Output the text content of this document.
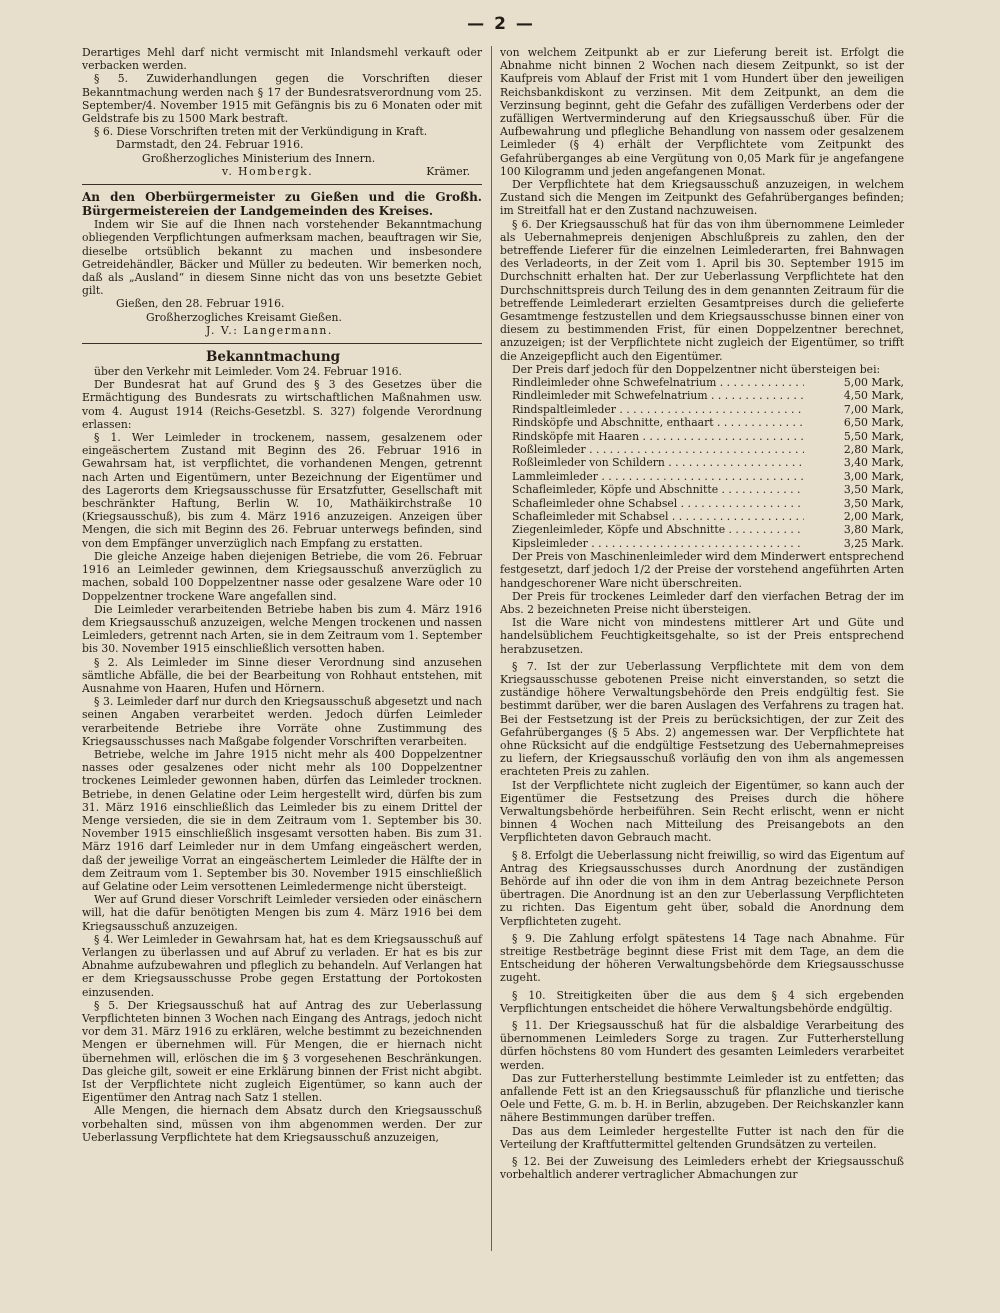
— 2 —

Derartiges Mehl darf nicht vermischt mit Inlandsmehl verkauft oder verbacken werden.

§ 5. Zuwiderhandlungen gegen die Vorschriften dieser Bekanntmachung werden nach § 17 der Bundesratsverordnung vom 25. September/4. November 1915 mit Gefängnis bis zu 6 Monaten oder mit Geldstrafe bis zu 1500 Mark bestraft.

§ 6. Diese Vorschriften treten mit der Verkündigung in Kraft.

Darmstadt, den 24. Februar 1916.

Großherzogliches Ministerium des Innern.

v. Hombergk.	Krämer.
An den Oberbürgermeister zu Gießen und die Großh. Bürgermeistereien der Landgemeinden des Kreises.

Indem wir Sie auf die Ihnen nach vorstehender Bekanntmachung obliegenden Verpflichtungen aufmerksam machen, beauftragen wir Sie, dieselbe ortsüblich bekannt zu machen und insbesondere Getreidehändler, Bäcker und Müller zu bedeuten. Wir bemerken noch, daß als „Ausland“ in diesem Sinne nicht das von uns besetzte Gebiet gilt.

Gießen, den 28. Februar 1916.

Großherzogliches Kreisamt Gießen.

J. V.: Langermann.

Bekanntmachung

über den Verkehr mit Leimleder. Vom 24. Februar 1916.

Der Bundesrat hat auf Grund des § 3 des Gesetzes über die Ermächtigung des Bundesrats zu wirtschaftlichen Maßnahmen usw. vom 4. August 1914 (Reichs-Gesetzbl. S. 327) folgende Verordnung erlassen:

§ 1. Wer Leimleder in trockenem, nassem, gesalzenem oder eingeäschertem Zustand mit Beginn des 26. Februar 1916 in Gewahrsam hat, ist verpflichtet, die vorhandenen Mengen, getrennt nach Arten und Eigentümern, unter Bezeichnung der Eigentümer und des Lagerorts dem Kriegsausschusse für Ersatzfutter, Gesellschaft mit beschränkter Haftung, Berlin W. 10, Mathäikirchstraße 10 (Kriegsausschuß), bis zum 4. März 1916 anzuzeigen. Anzeigen über Mengen, die sich mit Beginn des 26. Februar unterwegs befinden, sind von dem Empfänger unverzüglich nach Empfang zu erstatten.

Die gleiche Anzeige haben diejenigen Betriebe, die vom 26. Februar 1916 an Leimleder gewinnen, dem Kriegsausschuß anverzüglich zu machen, sobald 100 Doppelzentner nasse oder gesalzene Ware oder 10 Doppelzentner trockene Ware angefallen sind.

Die Leimleder verarbeitenden Betriebe haben bis zum 4. März 1916 dem Kriegsausschuß anzuzeigen, welche Mengen trockenen und nassen Leimleders, getrennt nach Arten, sie in dem Zeitraum vom 1. September bis 30. November 1915 einschließlich versotten haben.

§ 2. Als Leimleder im Sinne dieser Verordnung sind anzusehen sämtliche Abfälle, die bei der Bearbeitung von Rohhaut entstehen, mit Ausnahme von Haaren, Hufen und Hörnern.

§ 3. Leimleder darf nur durch den Kriegsausschuß abgesetzt und nach seinen Angaben verarbeitet werden. Jedoch dürfen Leimleder verarbeitende Betriebe ihre Vorräte ohne Zustimmung des Kriegsausschusses nach Maßgabe folgender Vorschriften verarbeiten.

Betriebe, welche im Jahre 1915 nicht mehr als 400 Doppelzentner nasses oder gesalzenes oder nicht mehr als 100 Doppelzentner trockenes Leimleder gewonnen haben, dürfen das Leimleder trocknen. Betriebe, in denen Gelatine oder Leim hergestellt wird, dürfen bis zum 31. März 1916 einschließlich das Leimleder bis zu einem Drittel der Menge versieden, die sie in dem Zeitraum vom 1. September bis 30. November 1915 einschließlich insgesamt versotten haben. Bis zum 31. März 1916 darf Leimleder nur in dem Umfang eingeäschert werden, daß der jeweilige Vorrat an eingeäschertem Leimleder die Hälfte der in dem Zeitraum vom 1. September bis 30. November 1915 einschließlich auf Gelatine oder Leim versottenen Leimledermenge nicht übersteigt.

Wer auf Grund dieser Vorschrift Leimleder versieden oder einäschern will, hat die dafür benötigten Mengen bis zum 4. März 1916 bei dem Kriegsausschuß anzuzeigen.

§ 4. Wer Leimleder in Gewahrsam hat, hat es dem Kriegsausschuß auf Verlangen zu überlassen und auf Abruf zu verladen. Er hat es bis zur Abnahme aufzubewahren und pfleglich zu behandeln. Auf Verlangen hat er dem Kriegsausschusse Probe gegen Erstattung der Portokosten einzusenden.

§ 5. Der Kriegsausschuß hat auf Antrag des zur Ueberlassung Verpflichteten binnen 3 Wochen nach Eingang des Antrags, jedoch nicht vor dem 31. März 1916 zu erklären, welche bestimmt zu bezeichnenden Mengen er übernehmen will. Für Mengen, die er hiernach nicht übernehmen will, erlöschen die im § 3 vorgesehenen Beschränkungen. Das gleiche gilt, soweit er eine Erklärung binnen der Frist nicht abgibt. Ist der Verpflichtete nicht zugleich Eigentümer, so kann auch der Eigentümer den Antrag nach Satz 1 stellen.

Alle Mengen, die hiernach dem Absatz durch den Kriegsausschuß vorbehalten sind, müssen von ihm abgenommen werden. Der zur Ueberlassung Verpflichtete hat dem Kriegsausschuß anzuzeigen,

von welchem Zeitpunkt ab er zur Lieferung bereit ist. Erfolgt die Abnahme nicht binnen 2 Wochen nach diesem Zeitpunkt, so ist der Kaufpreis vom Ablauf der Frist mit 1 vom Hundert über den jeweiligen Reichsbankdiskont zu verzinsen. Mit dem Zeitpunkt, an dem die Verzinsung beginnt, geht die Gefahr des zufälligen Verderbens oder der zufälligen Wertverminderung auf den Kriegsausschuß über. Für die Aufbewahrung und pflegliche Behandlung von nassem oder gesalzenem Leimleder (§ 4) erhält der Verpflichtete vom Zeitpunkt des Gefahrüberganges ab eine Vergütung von 0,05 Mark für je angefangene 100 Kilogramm und jeden angefangenen Monat.

Der Verpflichtete hat dem Kriegsausschuß anzuzeigen, in welchem Zustand sich die Mengen im Zeitpunkt des Gefahrüberganges befinden; im Streitfall hat er den Zustand nachzuweisen.

§ 6. Der Kriegsausschuß hat für das von ihm übernommene Leimleder als Uebernahmepreis denjenigen Abschlußpreis zu zahlen, den der betreffende Lieferer für die einzelnen Leimlederarten, frei Bahnwagen des Verladeorts, in der Zeit vom 1. April bis 30. September 1915 im Durchschnitt erhalten hat. Der zur Ueberlassung Verpflichtete hat den Durchschnittspreis durch Teilung des in dem genannten Zeitraum für die betreffende Leimlederart erzielten Gesamtpreises durch die gelieferte Gesamtmenge festzustellen und dem Kriegsausschusse binnen einer von diesem zu bestimmenden Frist, für einen Doppelzentner berechnet, anzuzeigen; ist der Verpflichtete nicht zugleich der Eigentümer, so trifft die Anzeigepflicht auch den Eigentümer.

Der Preis darf jedoch für den Doppelzentner nicht übersteigen bei:

Rindleimleder ohne Schwefelnatrium . . .	5,00 Mark,
Rindleimleder mit Schwefelnatrium . . .	4,50 Mark,
Rindspaltleimleder . . .	7,00 Mark,
Rindsköpfe und Abschnitte, enthaart . . .	6,50 Mark,
Rindsköpfe mit Haaren . . .	5,50 Mark,
Roßleimleder . . .	2,80 Mark,
Roßleimleder von Schildern . . .	3,40 Mark,
Lammleimleder . . .	3,00 Mark,
Schafleimleder, Köpfe und Abschnitte . . .	3,50 Mark,
Schafleimleder ohne Schabsel . . .	3,50 Mark,
Schafleimleder mit Schabsel . . .	2,00 Mark,
Ziegenleimleder, Köpfe und Abschnitte . . .	3,80 Mark,
Kipsleimleder . . .	3,25 Mark.

Der Preis von Maschinenleimleder wird dem Minderwert entsprechend festgesetzt, darf jedoch 1/2 der Preise der vorstehend angeführten Arten handgeschorener Ware nicht überschreiten.

Der Preis für trockenes Leimleder darf den vierfachen Betrag der im Abs. 2 bezeichneten Preise nicht übersteigen.

Ist die Ware nicht von mindestens mittlerer Art und Güte und handelsüblichem Feuchtigkeitsgehalte, so ist der Preis entsprechend herabzusetzen.

§ 7. Ist der zur Ueberlassung Verpflichtete mit dem von dem Kriegsausschusse gebotenen Preise nicht einverstanden, so setzt die zuständige höhere Verwaltungsbehörde den Preis endgültig fest. Sie bestimmt darüber, wer die baren Auslagen des Verfahrens zu tragen hat. Bei der Festsetzung ist der Preis zu berücksichtigen, der zur Zeit des Gefahrüberganges (§ 5 Abs. 2) angemessen war. Der Verpflichtete hat ohne Rücksicht auf die endgültige Festsetzung des Uebernahmepreises zu liefern, der Kriegsausschuß vorläufig den von ihm als angemessen erachteten Preis zu zahlen.

Ist der Verpflichtete nicht zugleich der Eigentümer, so kann auch der Eigentümer die Festsetzung des Preises durch die höhere Verwaltungsbehörde herbeiführen. Sein Recht erlischt, wenn er nicht binnen 4 Wochen nach Mitteilung des Preisangebots an den Verpflichteten davon Gebrauch macht.

§ 8. Erfolgt die Ueberlassung nicht freiwillig, so wird das Eigentum auf Antrag des Kriegsausschusses durch Anordnung der zuständigen Behörde auf ihn oder die von ihm in dem Antrag bezeichnete Person übertragen. Die Anordnung ist an den zur Ueberlassung Verpflichteten zu richten. Das Eigentum geht über, sobald die Anordnung dem Verpflichteten zugeht.

§ 9. Die Zahlung erfolgt spätestens 14 Tage nach Abnahme. Für streitige Restbeträge beginnt diese Frist mit dem Tage, an dem die Entscheidung der höheren Verwaltungsbehörde dem Kriegsausschusse zugeht.

§ 10. Streitigkeiten über die aus dem § 4 sich ergebenden Verpflichtungen entscheidet die höhere Verwaltungsbehörde endgültig.

§ 11. Der Kriegsausschuß hat für die alsbaldige Verarbeitung des übernommenen Leimleders Sorge zu tragen. Zur Futterherstellung dürfen höchstens 80 vom Hundert des gesamten Leimleders verarbeitet werden.

Das zur Futterherstellung bestimmte Leimleder ist zu entfetten; das anfallende Fett ist an den Kriegsausschuß für pflanzliche und tierische Oele und Fette, G. m. b. H. in Berlin, abzugeben. Der Reichskanzler kann nähere Bestimmungen darüber treffen.

Das aus dem Leimleder hergestellte Futter ist nach den für die Verteilung der Kraftfuttermittel geltenden Grundsätzen zu verteilen.

§ 12. Bei der Zuweisung des Leimleders erhebt der Kriegsausschuß vorbehaltlich anderer vertraglicher Abmachungen zur
